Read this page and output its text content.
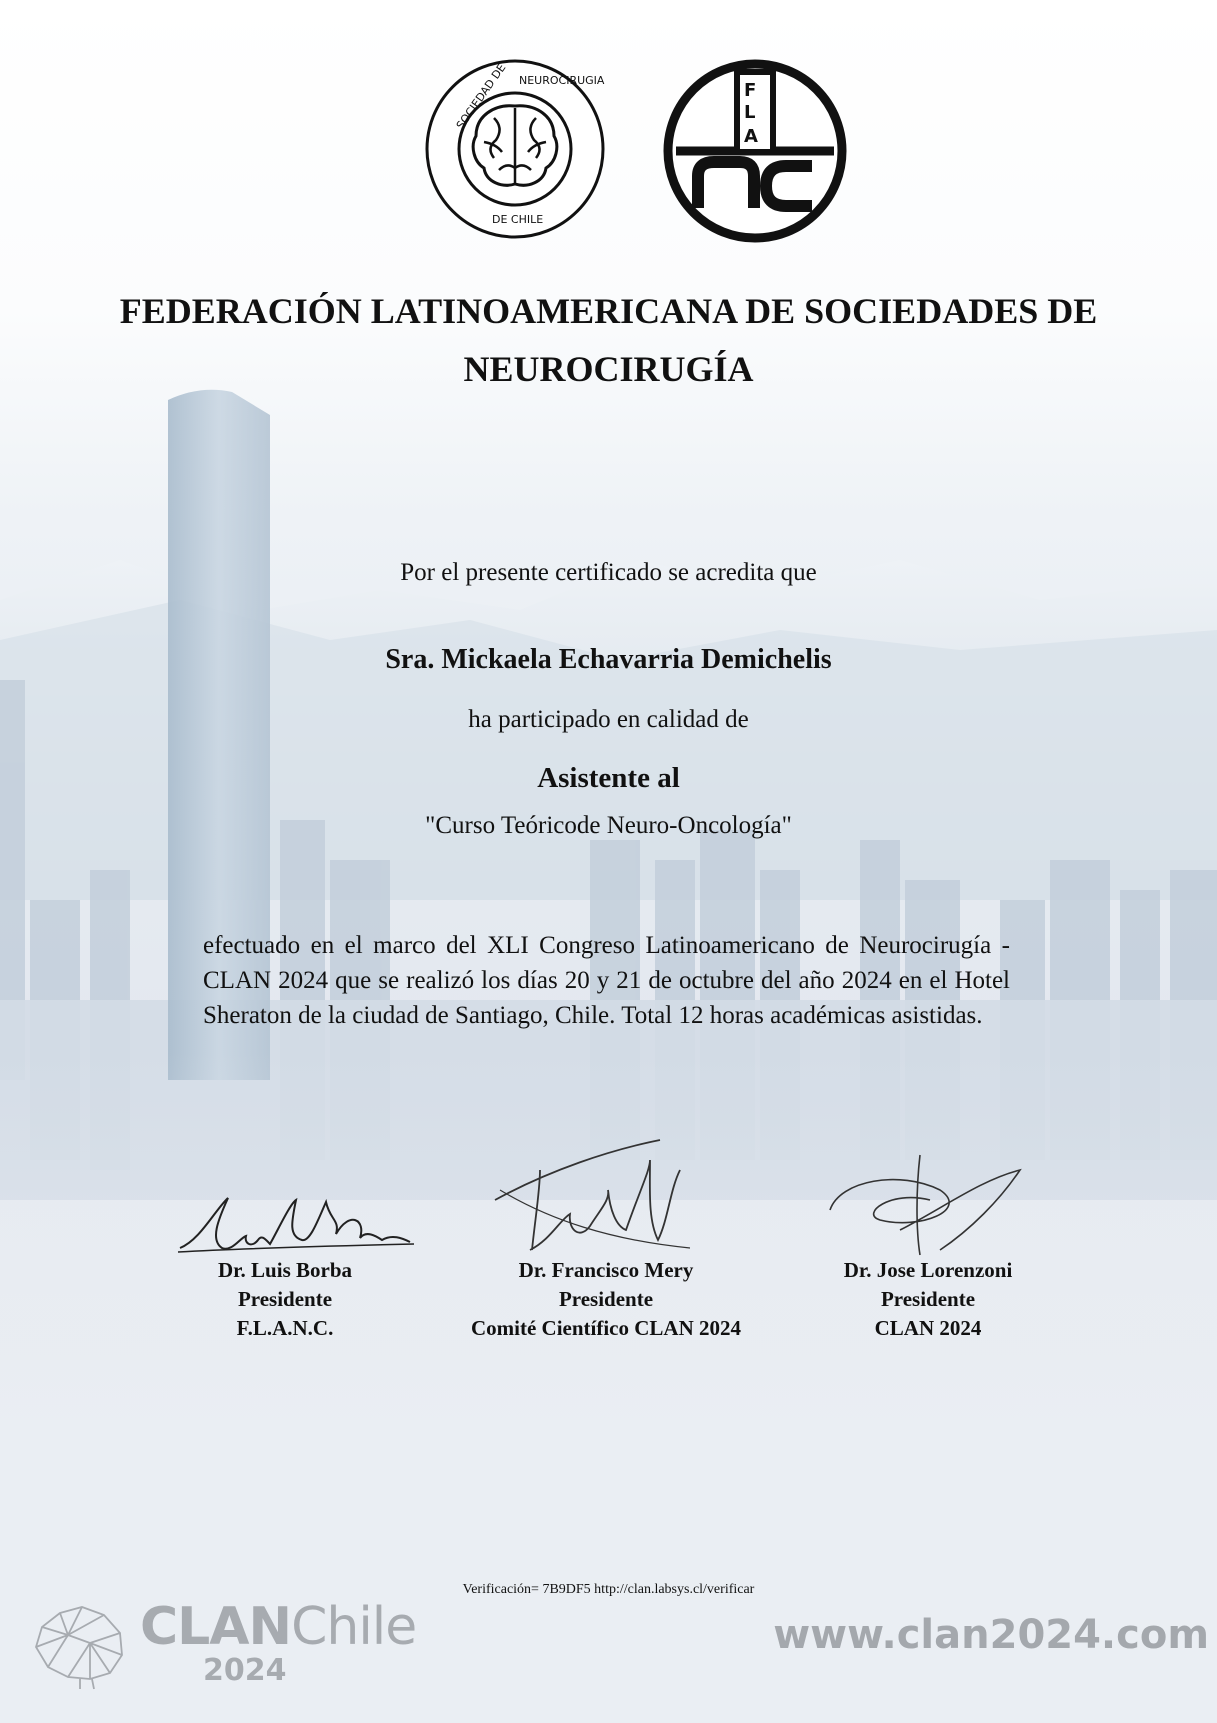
SOCIEDAD DE NEUROCIRUGIA
DE CHILE
F
L
A
FEDERACIÓN LATINOAMERICANA DE SOCIEDADES DE
NEUROCIRUGÍA
Por el presente certificado se acredita que
Sra. Mickaela Echavarria Demichelis
ha participado en calidad de
Asistente al
"Curso Teóricode Neuro-Oncología"
efectuado en el marco del XLI Congreso Latinoamericano de Neurocirugía - CLAN 2024 que se realizó los días 20 y 21 de octubre del año 2024 en el Hotel Sheraton de la ciudad de Santiago, Chile. Total 12 horas académicas asistidas.
Dr. Luis Borba
Presidente
F.L.A.N.C.
Dr. Francisco Mery
Presidente
Comité Científico CLAN 2024
Dr. Jose Lorenzoni
Presidente
CLAN 2024
Verificación= 7B9DF5 http://clan.labsys.cl/verificar
CLANChile
2024
www.clan2024.com
